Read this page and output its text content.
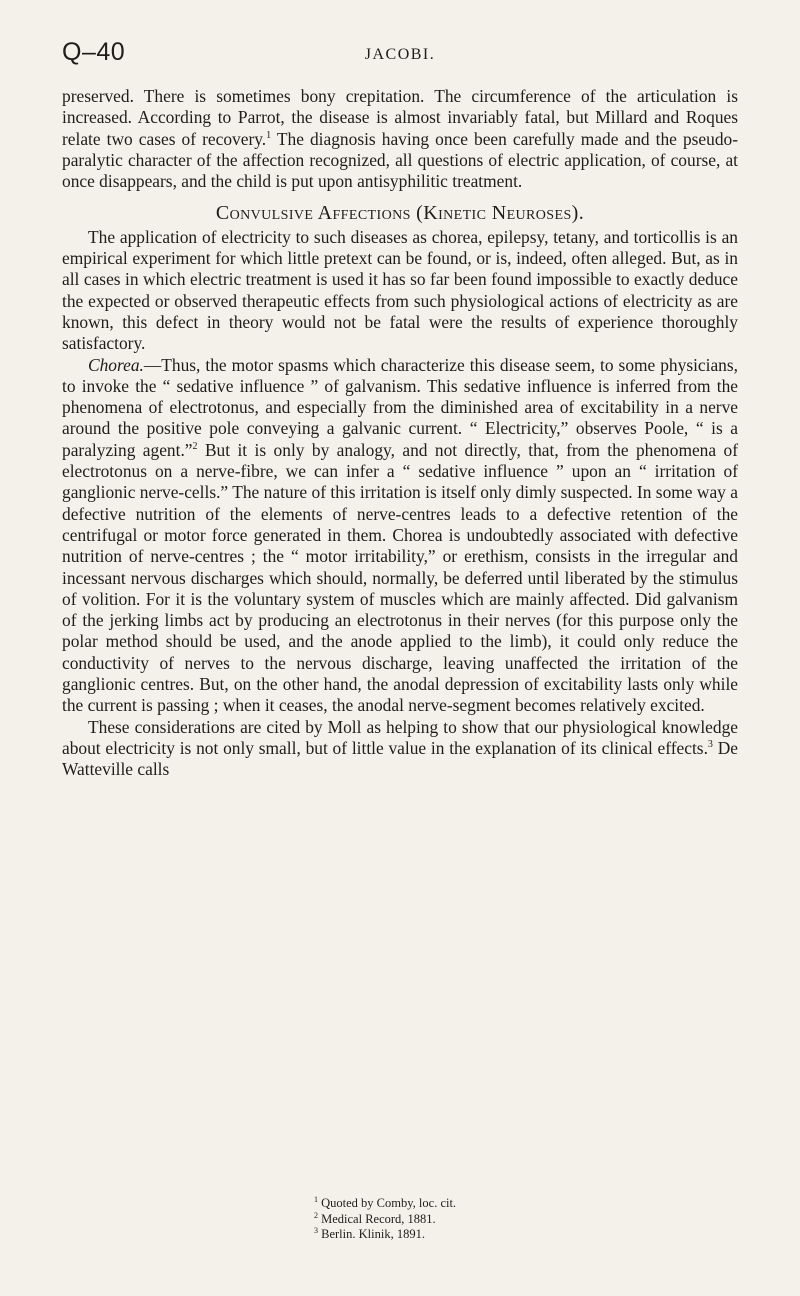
Q–40	JACOBI.

preserved. There is sometimes bony crepitation. The circumference of the articulation is increased. According to Parrot, the disease is almost invariably fatal, but Millard and Roques relate two cases of recovery.$^1$ The diagnosis having once been carefully made and the pseudo-paralytic character of the affection recognized, all questions of electric application, of course, at once disappears, and the child is put upon antisyphilitic treatment.

Convulsive Affections (Kinetic Neuroses).

The application of electricity to such diseases as chorea, epilepsy, tetany, and torticollis is an empirical experiment for which little pretext can be found, or is, indeed, often alleged. But, as in all cases in which electric treatment is used it has so far been found impossible to exactly deduce the expected or observed therapeutic effects from such physiological actions of electricity as are known, this defect in theory would not be fatal were the results of experience thoroughly satisfactory.

Chorea.—Thus, the motor spasms which characterize this disease seem, to some physicians, to invoke the “ sedative influence ” of galvanism. This sedative influence is inferred from the phenomena of electrotonus, and especially from the diminished area of excitability in a nerve around the positive pole conveying a galvanic current. “ Electricity,” observes Poole, “ is a paralyzing agent.”$^2$ But it is only by analogy, and not directly, that, from the phenomena of electrotonus on a nerve-fibre, we can infer a “ sedative influence ” upon an “ irritation of ganglionic nerve-cells.” The nature of this irritation is itself only dimly suspected. In some way a defective nutrition of the elements of nerve-centres leads to a defective retention of the centrifugal or motor force generated in them. Chorea is undoubtedly associated with defective nutrition of nerve-centres ; the “ motor irritability,” or erethism, consists in the irregular and incessant nervous discharges which should, normally, be deferred until liberated by the stimulus of volition. For it is the voluntary system of muscles which are mainly affected. Did galvanism of the jerking limbs act by producing an electrotonus in their nerves (for this purpose only the polar method should be used, and the anode applied to the limb), it could only reduce the conductivity of nerves to the nervous discharge, leaving unaffected the irritation of the ganglionic centres. But, on the other hand, the anodal depression of excitability lasts only while the current is passing ; when it ceases, the anodal nerve-segment becomes relatively excited.

These considerations are cited by Moll as helping to show that our physiological knowledge about electricity is not only small, but of little value in the explanation of its clinical effects.$^3$ De Watteville calls

$^1$ Quoted by Comby, loc. cit.
$^2$ Medical Record, 1881.
$^3$ Berlin. Klinik, 1891.
